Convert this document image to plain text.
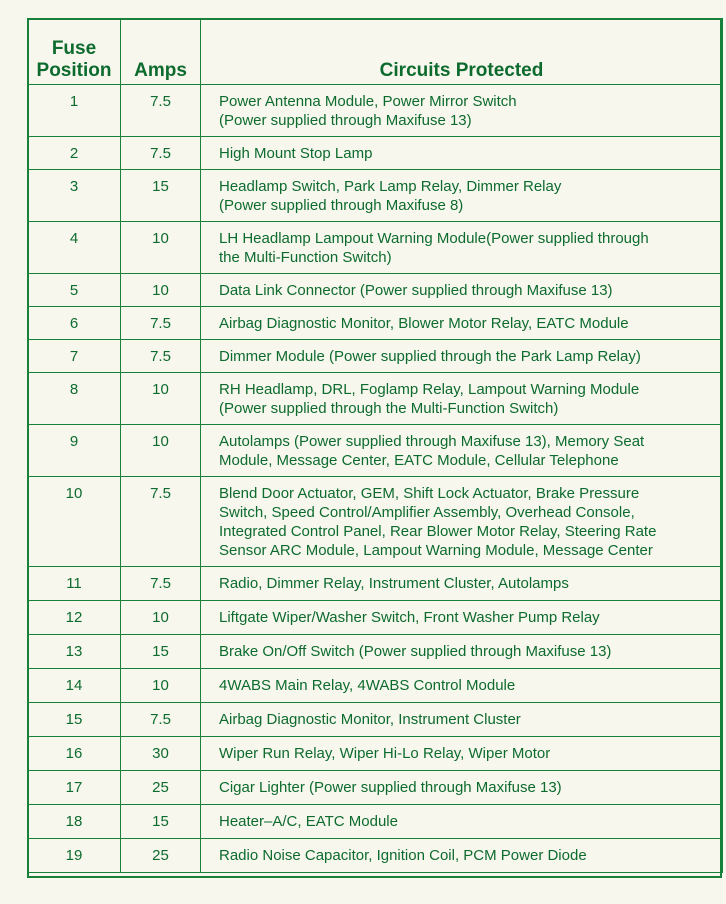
Fuse
Position	Amps	Circuits Protected
1	7.5	Power Antenna Module, Power Mirror Switch
(Power supplied through Maxifuse 13)

2	7.5	High Mount Stop Lamp

3	15	Headlamp Switch, Park Lamp Relay, Dimmer Relay
(Power supplied through Maxifuse 8)

4	10	LH Headlamp Lampout Warning Module(Power supplied through
the Multi-Function Switch)

5	10	Data Link Connector (Power supplied through Maxifuse 13)

6	7.5	Airbag Diagnostic Monitor, Blower Motor Relay, EATC Module

7	7.5	Dimmer Module (Power supplied through the Park Lamp Relay)

8	10	RH Headlamp, DRL, Foglamp Relay, Lampout Warning Module
(Power supplied through the Multi-Function Switch)

9	10	Autolamps (Power supplied through Maxifuse 13), Memory Seat
Module, Message Center, EATC Module, Cellular Telephone

10	7.5	Blend Door Actuator, GEM, Shift Lock Actuator, Brake Pressure
Switch, Speed Control/Amplifier Assembly, Overhead Console,
Integrated Control Panel, Rear Blower Motor Relay, Steering Rate
Sensor ARC Module, Lampout Warning Module, Message Center

11	7.5	Radio, Dimmer Relay, Instrument Cluster, Autolamps

12	10	Liftgate Wiper/Washer Switch, Front Washer Pump Relay

13	15	Brake On/Off Switch (Power supplied through Maxifuse 13)

14	10	4WABS Main Relay, 4WABS Control Module

15	7.5	Airbag Diagnostic Monitor, Instrument Cluster

16	30	Wiper Run Relay, Wiper Hi-Lo Relay, Wiper Motor

17	25	Cigar Lighter (Power supplied through Maxifuse 13)

18	15	Heater–A/C, EATC Module

19	25	Radio Noise Capacitor, Ignition Coil, PCM Power Diode
